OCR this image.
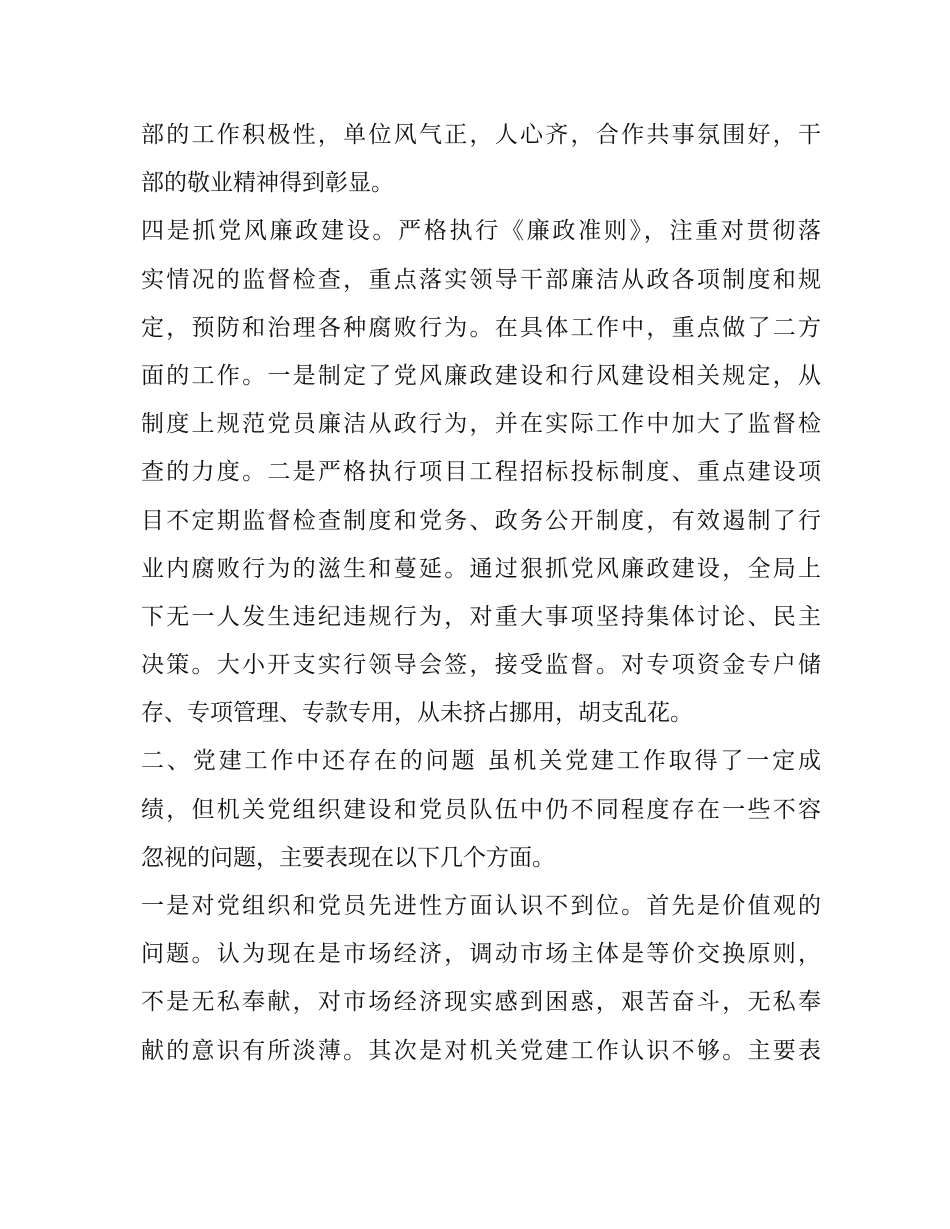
部的工作积极性，单位风气正，人心齐，合作共事氛围好，干
部的敬业精神得到彰显。
四是抓党风廉政建设。严格执行《廉政准则》，注重对贯彻落
实情况的监督检查，重点落实领导干部廉洁从政各项制度和规
定，预防和治理各种腐败行为。在具体工作中，重点做了二方
面的工作。一是制定了党风廉政建设和行风建设相关规定，从
制度上规范党员廉洁从政行为，并在实际工作中加大了监督检
查的力度。二是严格执行项目工程招标投标制度、重点建设项
目不定期监督检查制度和党务、政务公开制度，有效遏制了行
业内腐败行为的滋生和蔓延。通过狠抓党风廉政建设，全局上
下无一人发生违纪违规行为，对重大事项坚持集体讨论、民主
决策。大小开支实行领导会签，接受监督。对专项资金专户储
存、专项管理、专款专用，从未挤占挪用，胡支乱花。
二、党建工作中还存在的问题 虽机关党建工作取得了一定成
绩，但机关党组织建设和党员队伍中仍不同程度存在一些不容
忽视的问题，主要表现在以下几个方面。
一是对党组织和党员先进性方面认识不到位。首先是价值观的
问题。认为现在是市场经济，调动市场主体是等价交换原则，
不是无私奉献，对市场经济现实感到困惑，艰苦奋斗，无私奉
献的意识有所淡薄。其次是对机关党建工作认识不够。主要表
